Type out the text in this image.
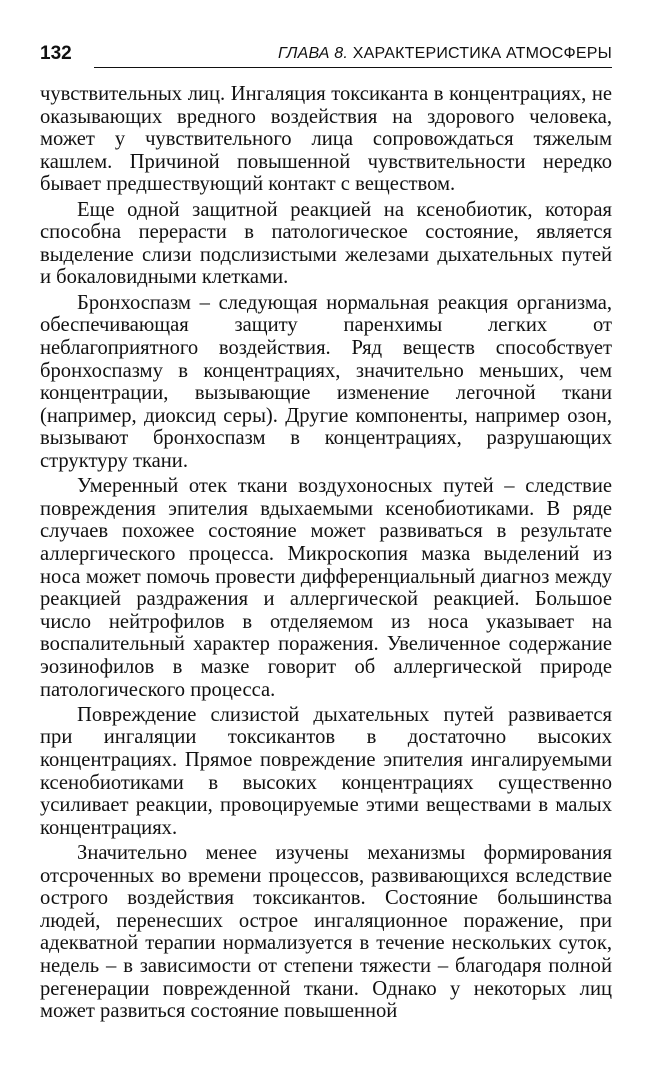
132	ГЛАВА 8. ХАРАКТЕРИСТИКА АТМОСФЕРЫ

чувствительных лиц. Ингаляция токсиканта в концентрациях, не оказывающих вредного воздействия на здорового человека, может у чувствительного лица сопровождаться тяжелым кашлем. Причиной повышенной чувствительности нередко бывает предшествующий контакт с веществом.

Еще одной защитной реакцией на ксенобиотик, которая способна перерасти в патологическое состояние, является выделение слизи подслизистыми железами дыхательных путей и бокаловидными клетками.

Бронхоспазм – следующая нормальная реакция организма, обеспечивающая защиту паренхимы легких от неблагоприятного воздействия. Ряд веществ способствует бронхоспазму в концентрациях, значительно меньших, чем концентрации, вызывающие изменение легочной ткани (например, диоксид серы). Другие компоненты, например озон, вызывают бронхоспазм в концентрациях, разрушающих структуру ткани.

Умеренный отек ткани воздухоносных путей – следствие повреждения эпителия вдыхаемыми ксенобиотиками. В ряде случаев похожее состояние может развиваться в результате аллергического процесса. Микроскопия мазка выделений из носа может помочь провести дифференциальный диагноз между реакцией раздражения и аллергической реакцией. Большое число нейтрофилов в отделяемом из носа указывает на воспалительный характер поражения. Увеличенное содержание эозинофилов в мазке говорит об аллергической природе патологического процесса.

Повреждение слизистой дыхательных путей развивается при ингаляции токсикантов в достаточно высоких концентрациях. Прямое повреждение эпителия ингалируемыми ксенобиотиками в высоких концентрациях существенно усиливает реакции, провоцируемые этими веществами в малых концентрациях.

Значительно менее изучены механизмы формирования отсроченных во времени процессов, развивающихся вследствие острого воздействия токсикантов. Состояние большинства людей, перенесших острое ингаляционное поражение, при адекватной терапии нормализуется в течение нескольких суток, недель – в зависимости от степени тяжести – благодаря полной регенерации поврежденной ткани. Однако у некоторых лиц может развиться состояние повышенной
